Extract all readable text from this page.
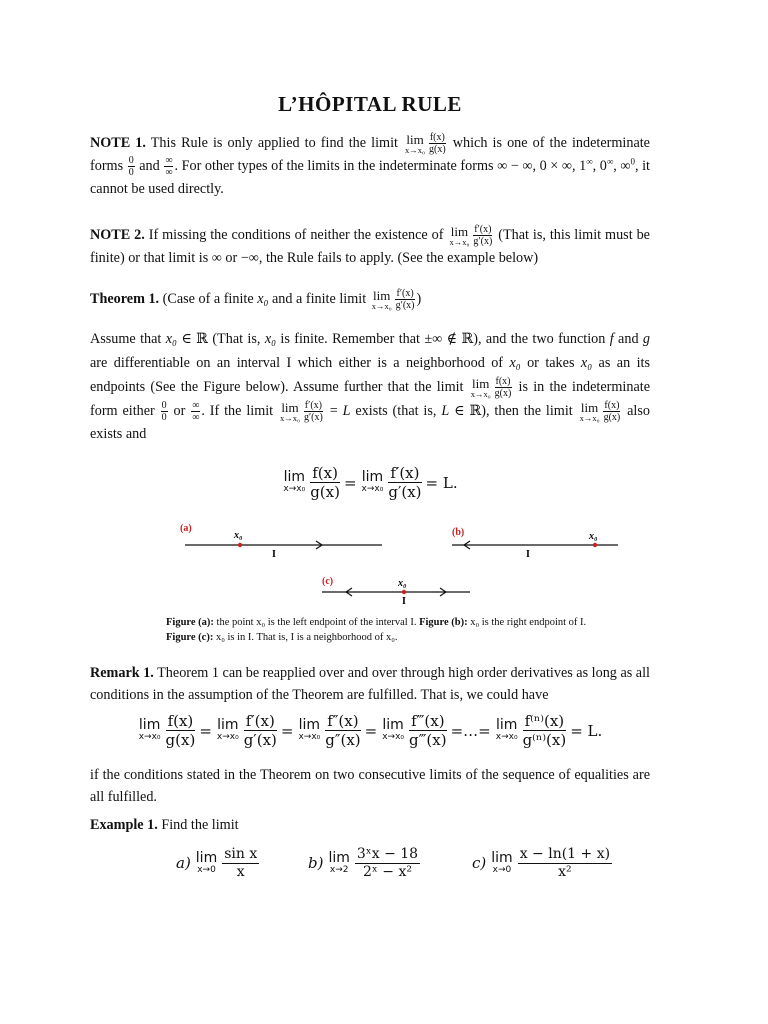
L’HÔPITAL RULE
NOTE 1. This Rule is only applied to find the limit lim
$x\to x_0 \frac{f(x)}{g(x)}$ which is one of the indeterminate forms $\frac{0}{0}$ and $\frac{\infty}{\infty}$ . For other types of the limits in the indeterminate forms ∞ − ∞, 0 × ∞, 1∞, 0∞, ∞$^0$, it cannot be used directly.
NOTE 2. If missing the conditions of neither the existence of lim
$x\to x_0 \frac{f'(x)}{g'(x)}$ (That is, this limit must be finite) or that limit is ∞ or −∞, the Rule fails to apply. (See the example below)
Theorem 1. (Case of a finite x₀ and a finite limit lim
$x\to x_0 \frac{f'(x)}{g'(x)}$ )
Assume that x₀ ∈ ℝ (That is, x₀ is finite. Remember that ±∞ ∉ ℝ), and the two function f and g are differentiable on an interval I which either is a neighborhood of x₀ or takes x₀ as an its endpoints (See the Figure below). Assume further that the limit lim
$x\to x_0 \frac{f(x)}{g(x)}$ is in the indeterminate form either $\frac{0}{0}$ or $\frac{\infty}{\infty}$ . If the limit lim
$x\to x_0 \frac{f'(x)}{g'(x)} = L$ exists (that is, L ∈ ℝ), then the limit lim
$x\to x_0 \frac{f(x)}{g(x)}$ also exists and
lim
$x\to x_0 \frac{f(x)}{g(x)} = \lim$
$x\to x_0 \frac{f'(x)}{g'(x)} = L$.
(a)
x₀
I
(b)	x₀
I
(c)	x₀
I
Figure (a): the point x₀ is the left endpoint of the interval I. Figure (b): x₀ is the right endpoint of I.
Figure (c): x₀ is in I. That is, I is a neighborhood of x₀.
Remark 1. Theorem 1 can be reapplied over and over through high order derivatives as long as all conditions in the assumption of the Theorem are fulfilled. That is, we could have
lim
$x\to x_0 \frac{f(x)}{g(x)} = \lim$
$x\to x_0 \frac{f'(x)}{g'(x)} = \lim$
$x\to x_0 \frac{f''(x)}{g''(x)} = \lim$
$x\to x_0 \frac{f‴(x)}{g‴(x)}$ =…= lim
$x\to x_0 \frac{\text{f⁽ⁿ⁾(x)}}{\text{g⁽ⁿ⁾(x)}} = L$.
if the conditions stated in the Theorem on two consecutive limits of the sequence of equalities are all fulfilled.
Example 1. Find the limit
a) lim
$x\to 0 \frac{\text{sin x}}{x}$	b) lim
$x\to 2 \frac{\text{3ˣx − 18}}{\text{2ˣ − x²}}$	c) lim
$x\to 0 \frac{x - \ln(1 + x)}{\text{x²}}$
